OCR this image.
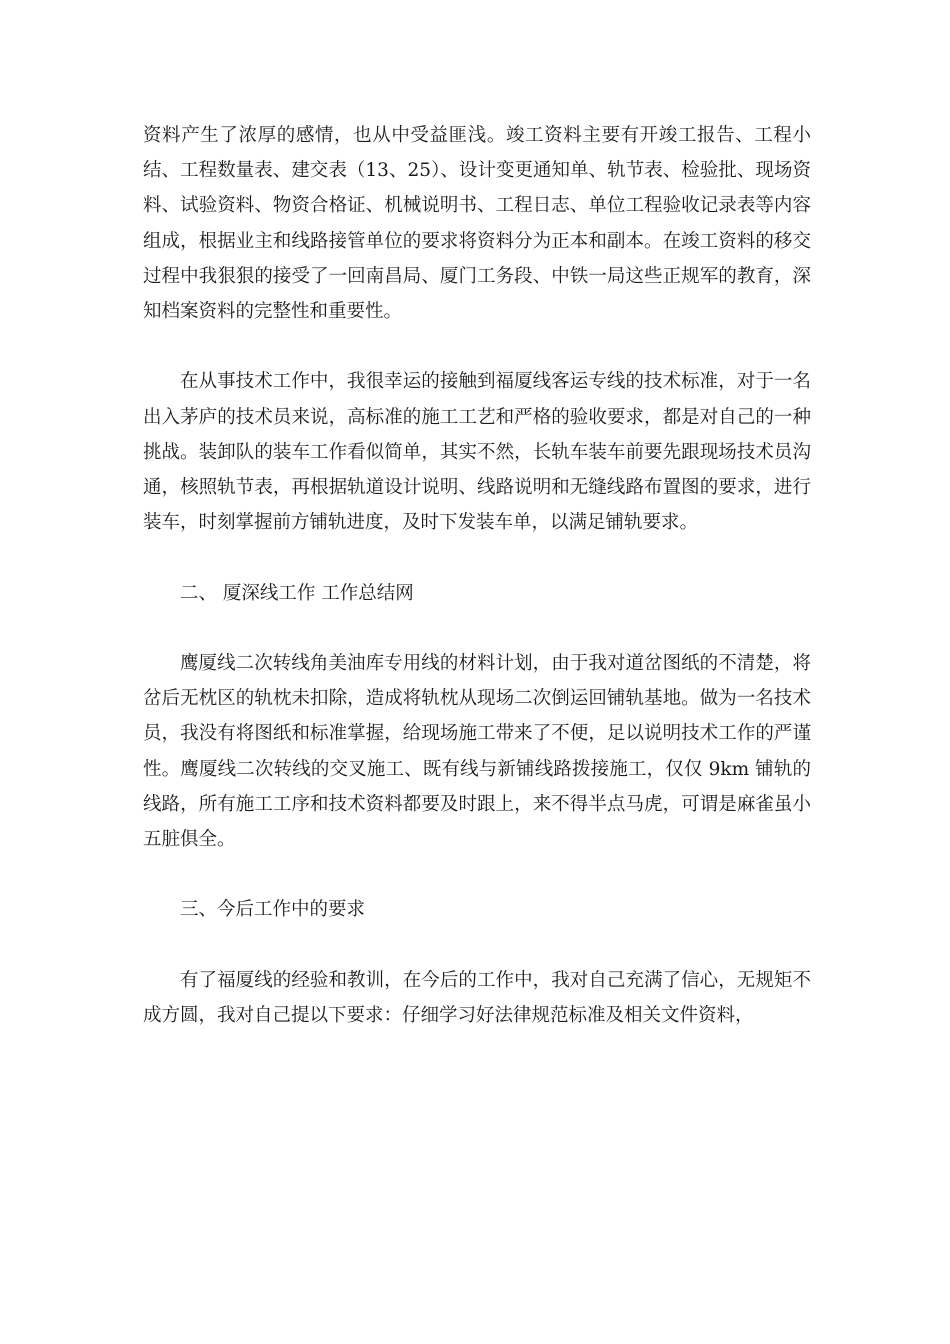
资料产生了浓厚的感情，也从中受益匪浅。竣工资料主要有开竣工报告、工程小结、工程数量表、建交表（13、25）、设计变更通知单、轨节表、检验批、现场资料、试验资料、物资合格证、机械说明书、工程日志、单位工程验收记录表等内容组成，根据业主和线路接管单位的要求将资料分为正本和副本。在竣工资料的移交过程中我狠狠的接受了一回南昌局、厦门工务段、中铁一局这些正规军的教育，深知档案资料的完整性和重要性。

在从事技术工作中，我很幸运的接触到福厦线客运专线的技术标准，对于一名出入茅庐的技术员来说，高标准的施工工艺和严格的验收要求，都是对自己的一种挑战。装卸队的装车工作看似简单，其实不然，长轨车装车前要先跟现场技术员沟通，核照轨节表，再根据轨道设计说明、线路说明和无缝线路布置图的要求，进行装车，时刻掌握前方铺轨进度，及时下发装车单，以满足铺轨要求。

二、 厦深线工作 工作总结网

鹰厦线二次转线角美油库专用线的材料计划，由于我对道岔图纸的不清楚，将岔后无枕区的轨枕未扣除，造成将轨枕从现场二次倒运回铺轨基地。做为一名技术员，我没有将图纸和标准掌握，给现场施工带来了不便，足以说明技术工作的严谨性。鹰厦线二次转线的交叉施工、既有线与新铺线路拨接施工，仅仅 9km 铺轨的线路，所有施工工序和技术资料都要及时跟上，来不得半点马虎，可谓是麻雀虽小五脏俱全。

三、今后工作中的要求

有了福厦线的经验和教训，在今后的工作中，我对自己充满了信心，无规矩不成方圆，我对自己提以下要求：仔细学习好法律规范标准及相关文件资料，
